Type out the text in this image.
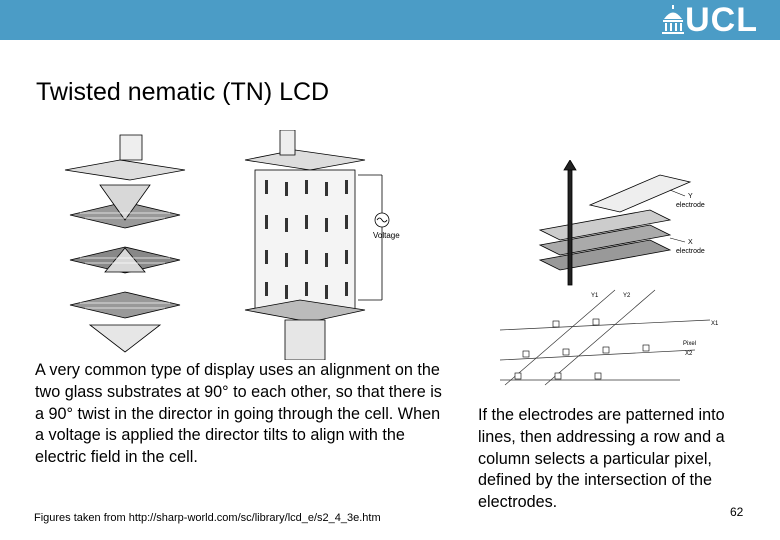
UCL
Twisted nematic (TN) LCD
Voltage
Y
electrode
X
electrode
Y1	Y2
X1
Pixel
X2
A very common type of display uses an alignment on the two glass substrates at 90° to each other, so that there is a 90° twist in the director in going through the cell. When a voltage is applied the director tilts to align with the electric field in the cell.
If the electrodes are patterned into lines, then addressing a row and a column selects a particular pixel, defined by the intersection of the electrodes.
Figures taken from http://sharp-world.com/sc/library/lcd_e/s2_4_3e.htm	62
